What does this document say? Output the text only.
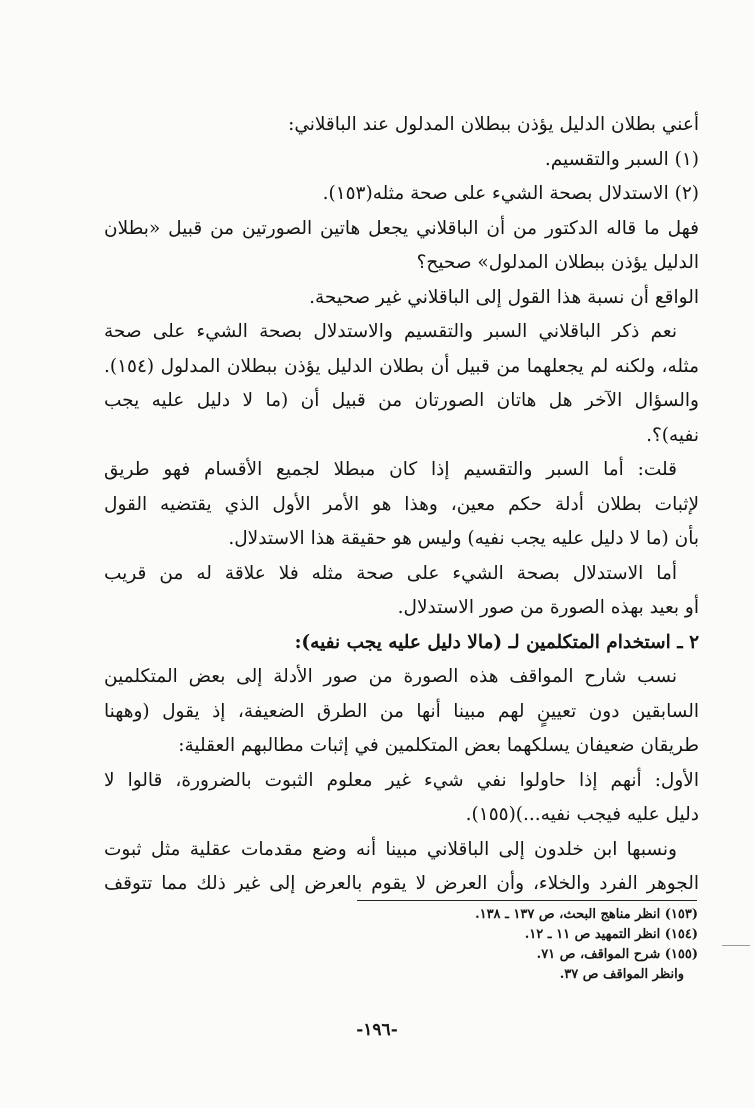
أعني بطلان الدليل يؤذن ببطلان المدلول عند الباقلاني:
(١) السبر والتقسيم.
(٢) الاستدلال بصحة الشيء على صحة مثله(١٥٣).
فهل ما قاله الدكتور من أن الباقلاني يجعل هاتين الصورتين من قبيل «بطلان
الدليل يؤذن ببطلان المدلول» صحيح؟
الواقع أن نسبة هذا القول إلى الباقلاني غير صحيحة.
نعم ذكر الباقلاني السبر والتقسيم والاستدلال بصحة الشيء على صحة
مثله، ولكنه لم يجعلهما من قبيل أن بطلان الدليل يؤذن ببطلان المدلول (١٥٤).
والسؤال الآخر هل هاتان الصورتان من قبيل أن (ما لا دليل عليه يجب
نفيه)؟.
قلت: أما السبر والتقسيم إذا كان مبطلا لجميع الأقسام فهو طريق
لإثبات بطلان أدلة حكم معين، وهذا هو الأمر الأول الذي يقتضيه القول
بأن (ما لا دليل عليه يجب نفيه) وليس هو حقيقة هذا الاستدلال.
أما الاستدلال بصحة الشيء على صحة مثله فلا علاقة له من قريب
أو بعيد بهذه الصورة من صور الاستدلال.
٢ ـ استخدام المتكلمين لـ (مالا دليل عليه يجب نفيه):
نسب شارح المواقف هذه الصورة من صور الأدلة إلى بعض المتكلمين
السابقين دون تعيينٍ لهم مبينا أنها من الطرق الضعيفة، إذ يقول (وههنا
طريقان ضعيفان يسلكهما بعض المتكلمين في إثبات مطالبهم العقلية:
الأول: أنهم إذا حاولوا نفي شيء غير معلوم الثبوت بالضرورة، قالوا لا
دليل عليه فيجب نفيه...)(١٥٥).
ونسبها ابن خلدون إلى الباقلاني مبينا أنه وضع مقدمات عقلية مثل ثبوت
الجوهر الفرد والخلاء، وأن العرض لا يقوم بالعرض إلى غير ذلك مما تتوقف
(١٥٣) انظر مناهج البحث، ص ١٣٧ ـ ١٣٨.
(١٥٤) انظر التمهيد ص ١١ ـ ١٢.
(١٥٥) شرح المواقف، ص ٧١.
وانظر المواقف ص ٣٧.
-١٩٦-
